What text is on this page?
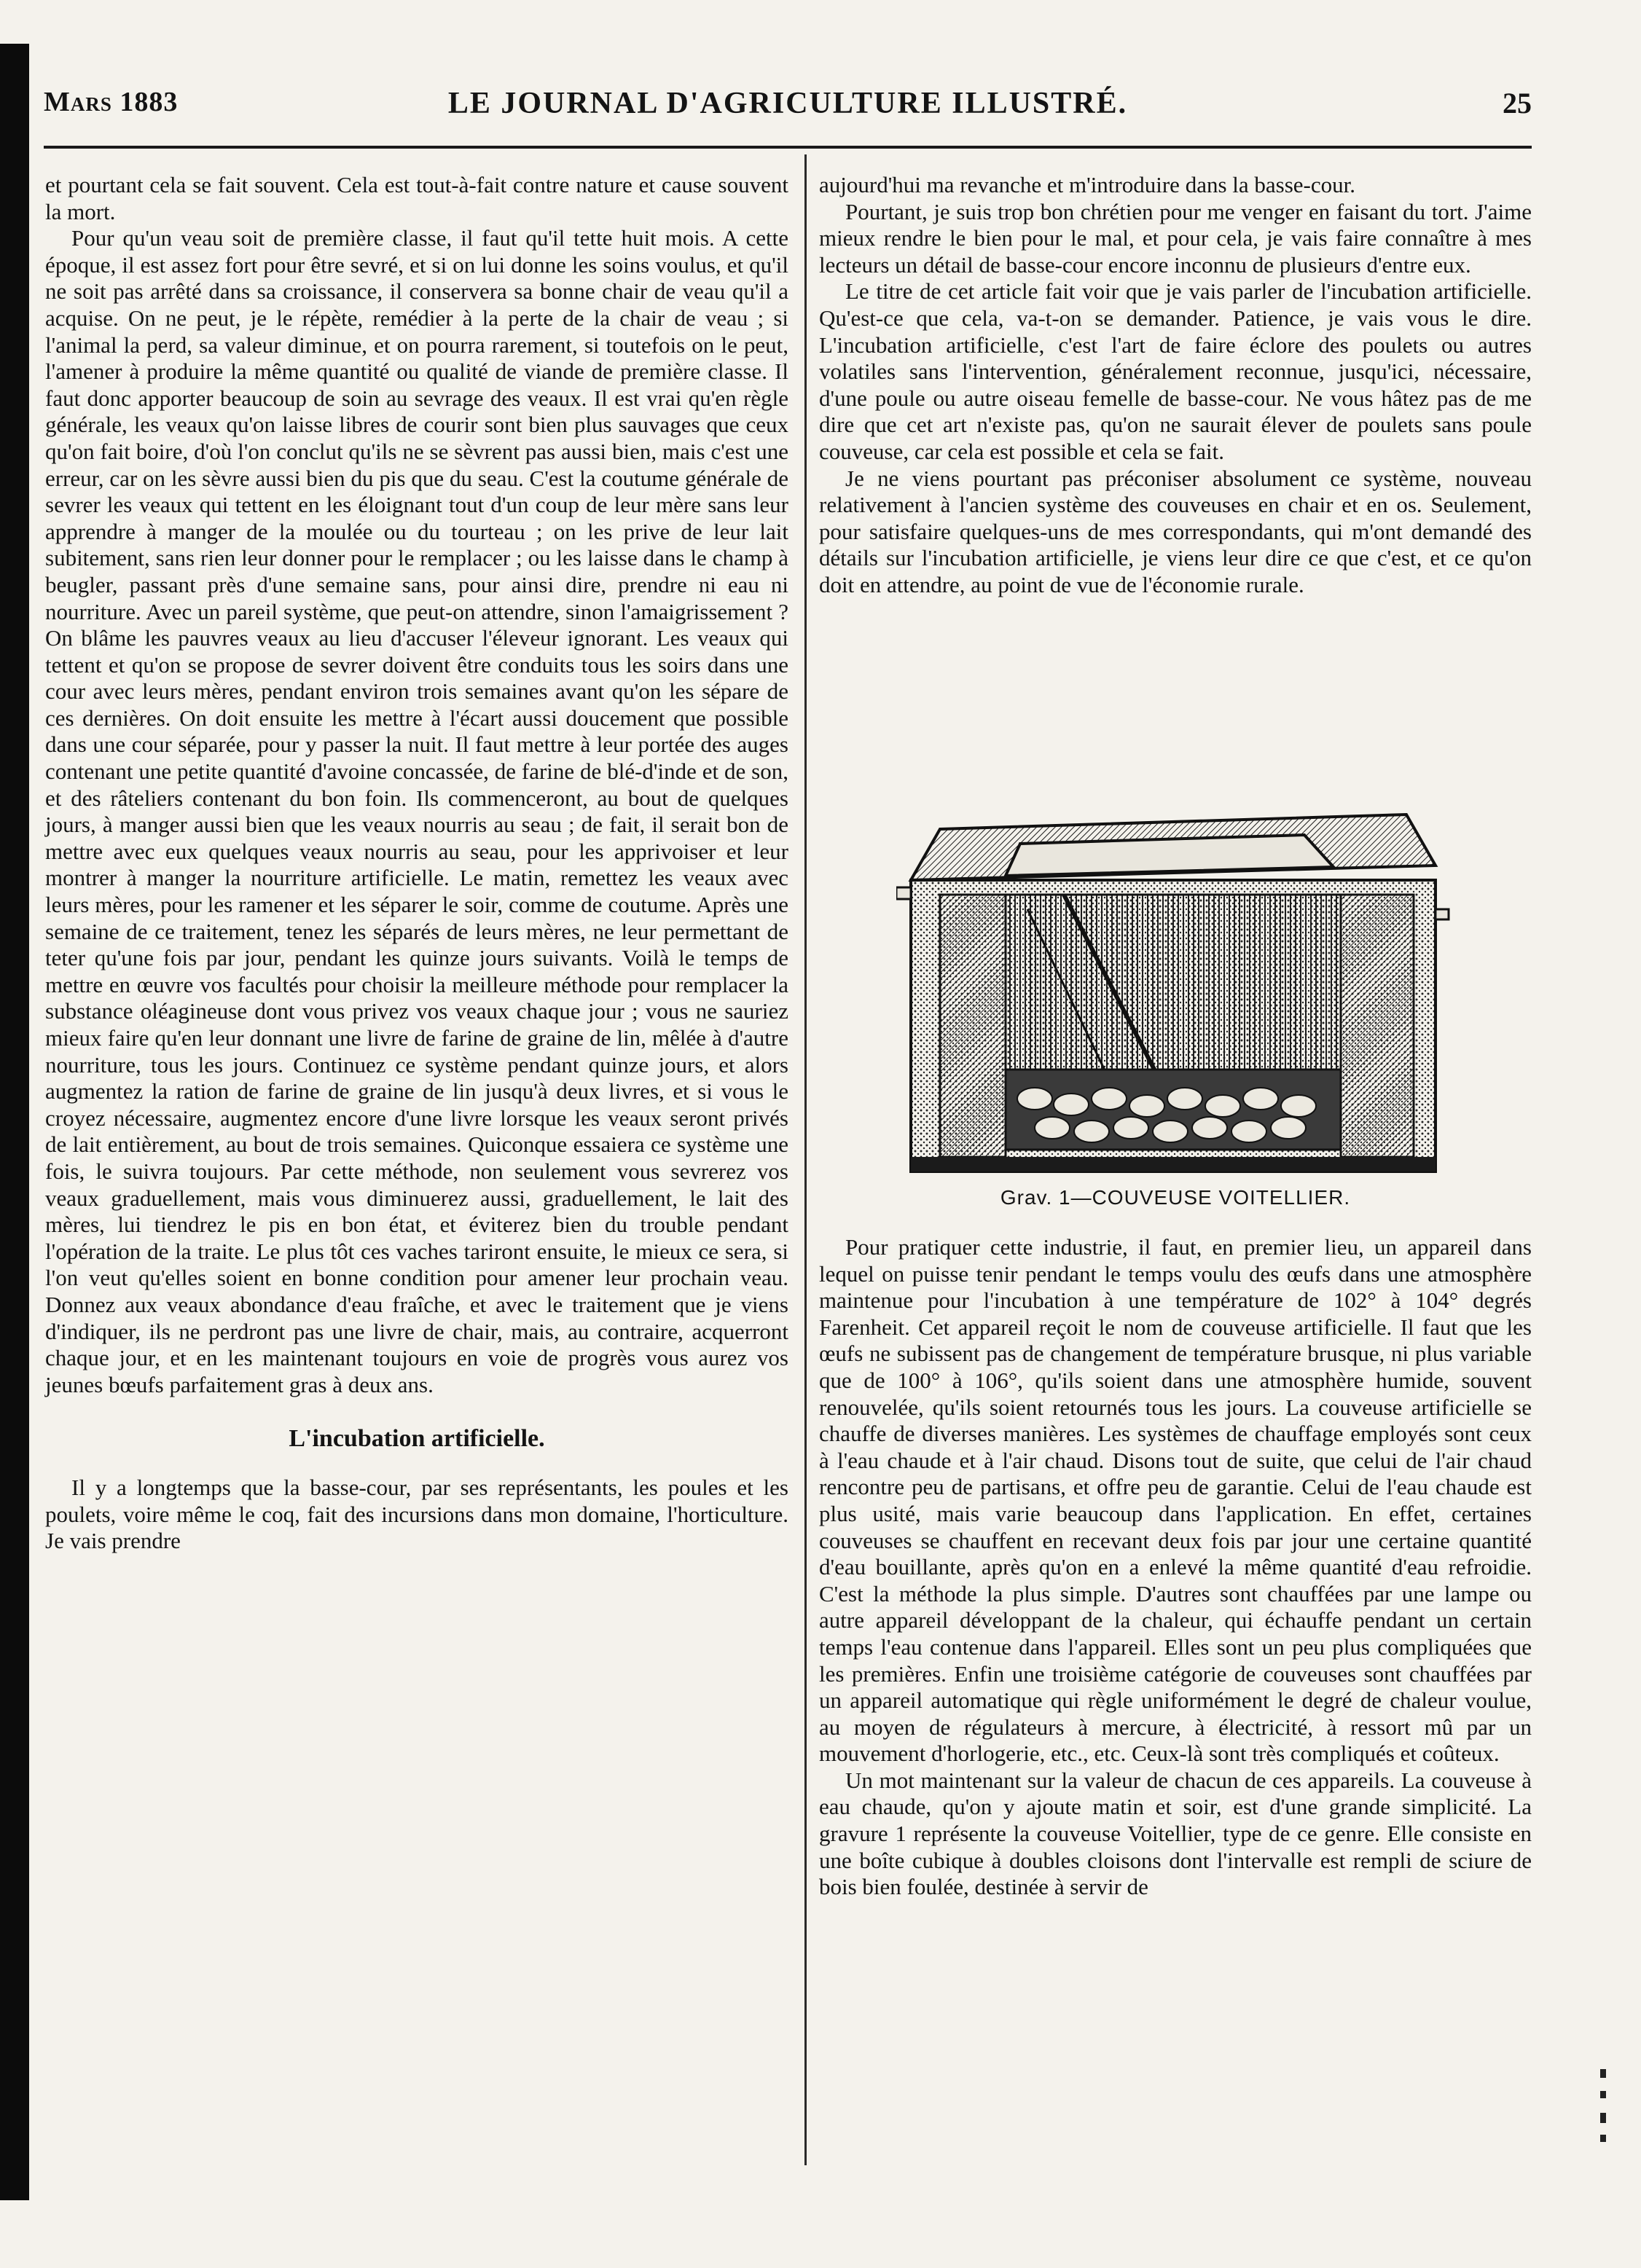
Mars 1883	LE JOURNAL D'AGRICULTURE ILLUSTRÉ.	25

et pourtant cela se fait souvent. Cela est tout-à-fait contre nature et cause souvent la mort.

Pour qu'un veau soit de première classe, il faut qu'il tette huit mois. A cette époque, il est assez fort pour être sevré, et si on lui donne les soins voulus, et qu'il ne soit pas arrêté dans sa croissance, il conservera sa bonne chair de veau qu'il a acquise. On ne peut, je le répète, remédier à la perte de la chair de veau ; si l'animal la perd, sa valeur diminue, et on pourra rarement, si toutefois on le peut, l'amener à produire la même quantité ou qualité de viande de première classe. Il faut donc apporter beaucoup de soin au sevrage des veaux. Il est vrai qu'en règle générale, les veaux qu'on laisse libres de courir sont bien plus sauvages que ceux qu'on fait boire, d'où l'on conclut qu'ils ne se sèvrent pas aussi bien, mais c'est une erreur, car on les sèvre aussi bien du pis que du seau. C'est la coutume générale de sevrer les veaux qui tettent en les éloignant tout d'un coup de leur mère sans leur apprendre à manger de la moulée ou du tourteau ; on les prive de leur lait subitement, sans rien leur donner pour le remplacer ; ou les laisse dans le champ à beugler, passant près d'une semaine sans, pour ainsi dire, prendre ni eau ni nourriture. Avec un pareil système, que peut-on attendre, sinon l'amaigrissement ? On blâme les pauvres veaux au lieu d'accuser l'éleveur ignorant. Les veaux qui tettent et qu'on se propose de sevrer doivent être conduits tous les soirs dans une cour avec leurs mères, pendant environ trois semaines avant qu'on les sépare de ces dernières. On doit ensuite les mettre à l'écart aussi doucement que possible dans une cour séparée, pour y passer la nuit. Il faut mettre à leur portée des auges contenant une petite quantité d'avoine concassée, de farine de blé-d'inde et de son, et des râteliers contenant du bon foin. Ils commenceront, au bout de quelques jours, à manger aussi bien que les veaux nourris au seau ; de fait, il serait bon de mettre avec eux quelques veaux nourris au seau, pour les apprivoiser et leur montrer à manger la nourriture artificielle. Le matin, remettez les veaux avec leurs mères, pour les ramener et les séparer le soir, comme de coutume. Après une semaine de ce traitement, tenez les séparés de leurs mères, ne leur permettant de teter qu'une fois par jour, pendant les quinze jours suivants. Voilà le temps de mettre en œuvre vos facultés pour choisir la meilleure méthode pour remplacer la substance oléagineuse dont vous privez vos veaux chaque jour ; vous ne sauriez mieux faire qu'en leur donnant une livre de farine de graine de lin, mêlée à d'autre nourriture, tous les jours. Continuez ce système pendant quinze jours, et alors augmentez la ration de farine de graine de lin jusqu'à deux livres, et si vous le croyez nécessaire, augmentez encore d'une livre lorsque les veaux seront privés de lait entièrement, au bout de trois semaines. Quiconque essaiera ce système une fois, le suivra toujours. Par cette méthode, non seulement vous sevrerez vos veaux graduellement, mais vous diminuerez aussi, graduellement, le lait des mères, lui tiendrez le pis en bon état, et éviterez bien du trouble pendant l'opération de la traite. Le plus tôt ces vaches tariront ensuite, le mieux ce sera, si l'on veut qu'elles soient en bonne condition pour amener leur prochain veau. Donnez aux veaux abondance d'eau fraîche, et avec le traitement que je viens d'indiquer, ils ne perdront pas une livre de chair, mais, au contraire, acquerront chaque jour, et en les maintenant toujours en voie de progrès vous aurez vos jeunes bœufs parfaitement gras à deux ans.

L'incubation artificielle.

Il y a longtemps que la basse-cour, par ses représentants, les poules et les poulets, voire même le coq, fait des incursions dans mon domaine, l'horticulture. Je vais prendre

aujourd'hui ma revanche et m'introduire dans la basse-cour.

Pourtant, je suis trop bon chrétien pour me venger en faisant du tort. J'aime mieux rendre le bien pour le mal, et pour cela, je vais faire connaître à mes lecteurs un détail de basse-cour encore inconnu de plusieurs d'entre eux.

Le titre de cet article fait voir que je vais parler de l'incubation artificielle. Qu'est-ce que cela, va-t-on se demander. Patience, je vais vous le dire. L'incubation artificielle, c'est l'art de faire éclore des poulets ou autres volatiles sans l'intervention, généralement reconnue, jusqu'ici, nécessaire, d'une poule ou autre oiseau femelle de basse-cour. Ne vous hâtez pas de me dire que cet art n'existe pas, qu'on ne saurait élever de poulets sans poule couveuse, car cela est possible et cela se fait.

Je ne viens pourtant pas préconiser absolument ce système, nouveau relativement à l'ancien système des couveuses en chair et en os. Seulement, pour satisfaire quelques-uns de mes correspondants, qui m'ont demandé des détails sur l'incubation artificielle, je viens leur dire ce que c'est, et ce qu'on doit en attendre, au point de vue de l'économie rurale.

Grav. 1—COUVEUSE VOITELLIER.

Pour pratiquer cette industrie, il faut, en premier lieu, un appareil dans lequel on puisse tenir pendant le temps voulu des œufs dans une atmosphère maintenue pour l'incubation à une température de 102° à 104° degrés Farenheit. Cet appareil reçoit le nom de couveuse artificielle. Il faut que les œufs ne subissent pas de changement de température brusque, ni plus variable que de 100° à 106°, qu'ils soient dans une atmosphère humide, souvent renouvelée, qu'ils soient retournés tous les jours. La couveuse artificielle se chauffe de diverses manières. Les systèmes de chauffage employés sont ceux à l'eau chaude et à l'air chaud. Disons tout de suite, que celui de l'air chaud rencontre peu de partisans, et offre peu de garantie. Celui de l'eau chaude est plus usité, mais varie beaucoup dans l'application. En effet, certaines couveuses se chauffent en recevant deux fois par jour une certaine quantité d'eau bouillante, après qu'on en a enlevé la même quantité d'eau refroidie. C'est la méthode la plus simple. D'autres sont chauffées par une lampe ou autre appareil développant de la chaleur, qui échauffe pendant un certain temps l'eau contenue dans l'appareil. Elles sont un peu plus compliquées que les premières. Enfin une troisième catégorie de couveuses sont chauffées par un appareil automatique qui règle uniformément le degré de chaleur voulue, au moyen de régulateurs à mercure, à électricité, à ressort mû par un mouvement d'horlogerie, etc., etc. Ceux-là sont très compliqués et coûteux.

Un mot maintenant sur la valeur de chacun de ces appareils. La couveuse à eau chaude, qu'on y ajoute matin et soir, est d'une grande simplicité. La gravure 1 représente la couveuse Voitellier, type de ce genre. Elle consiste en une boîte cubique à doubles cloisons dont l'intervalle est rempli de sciure de bois bien foulée, destinée à servir de
